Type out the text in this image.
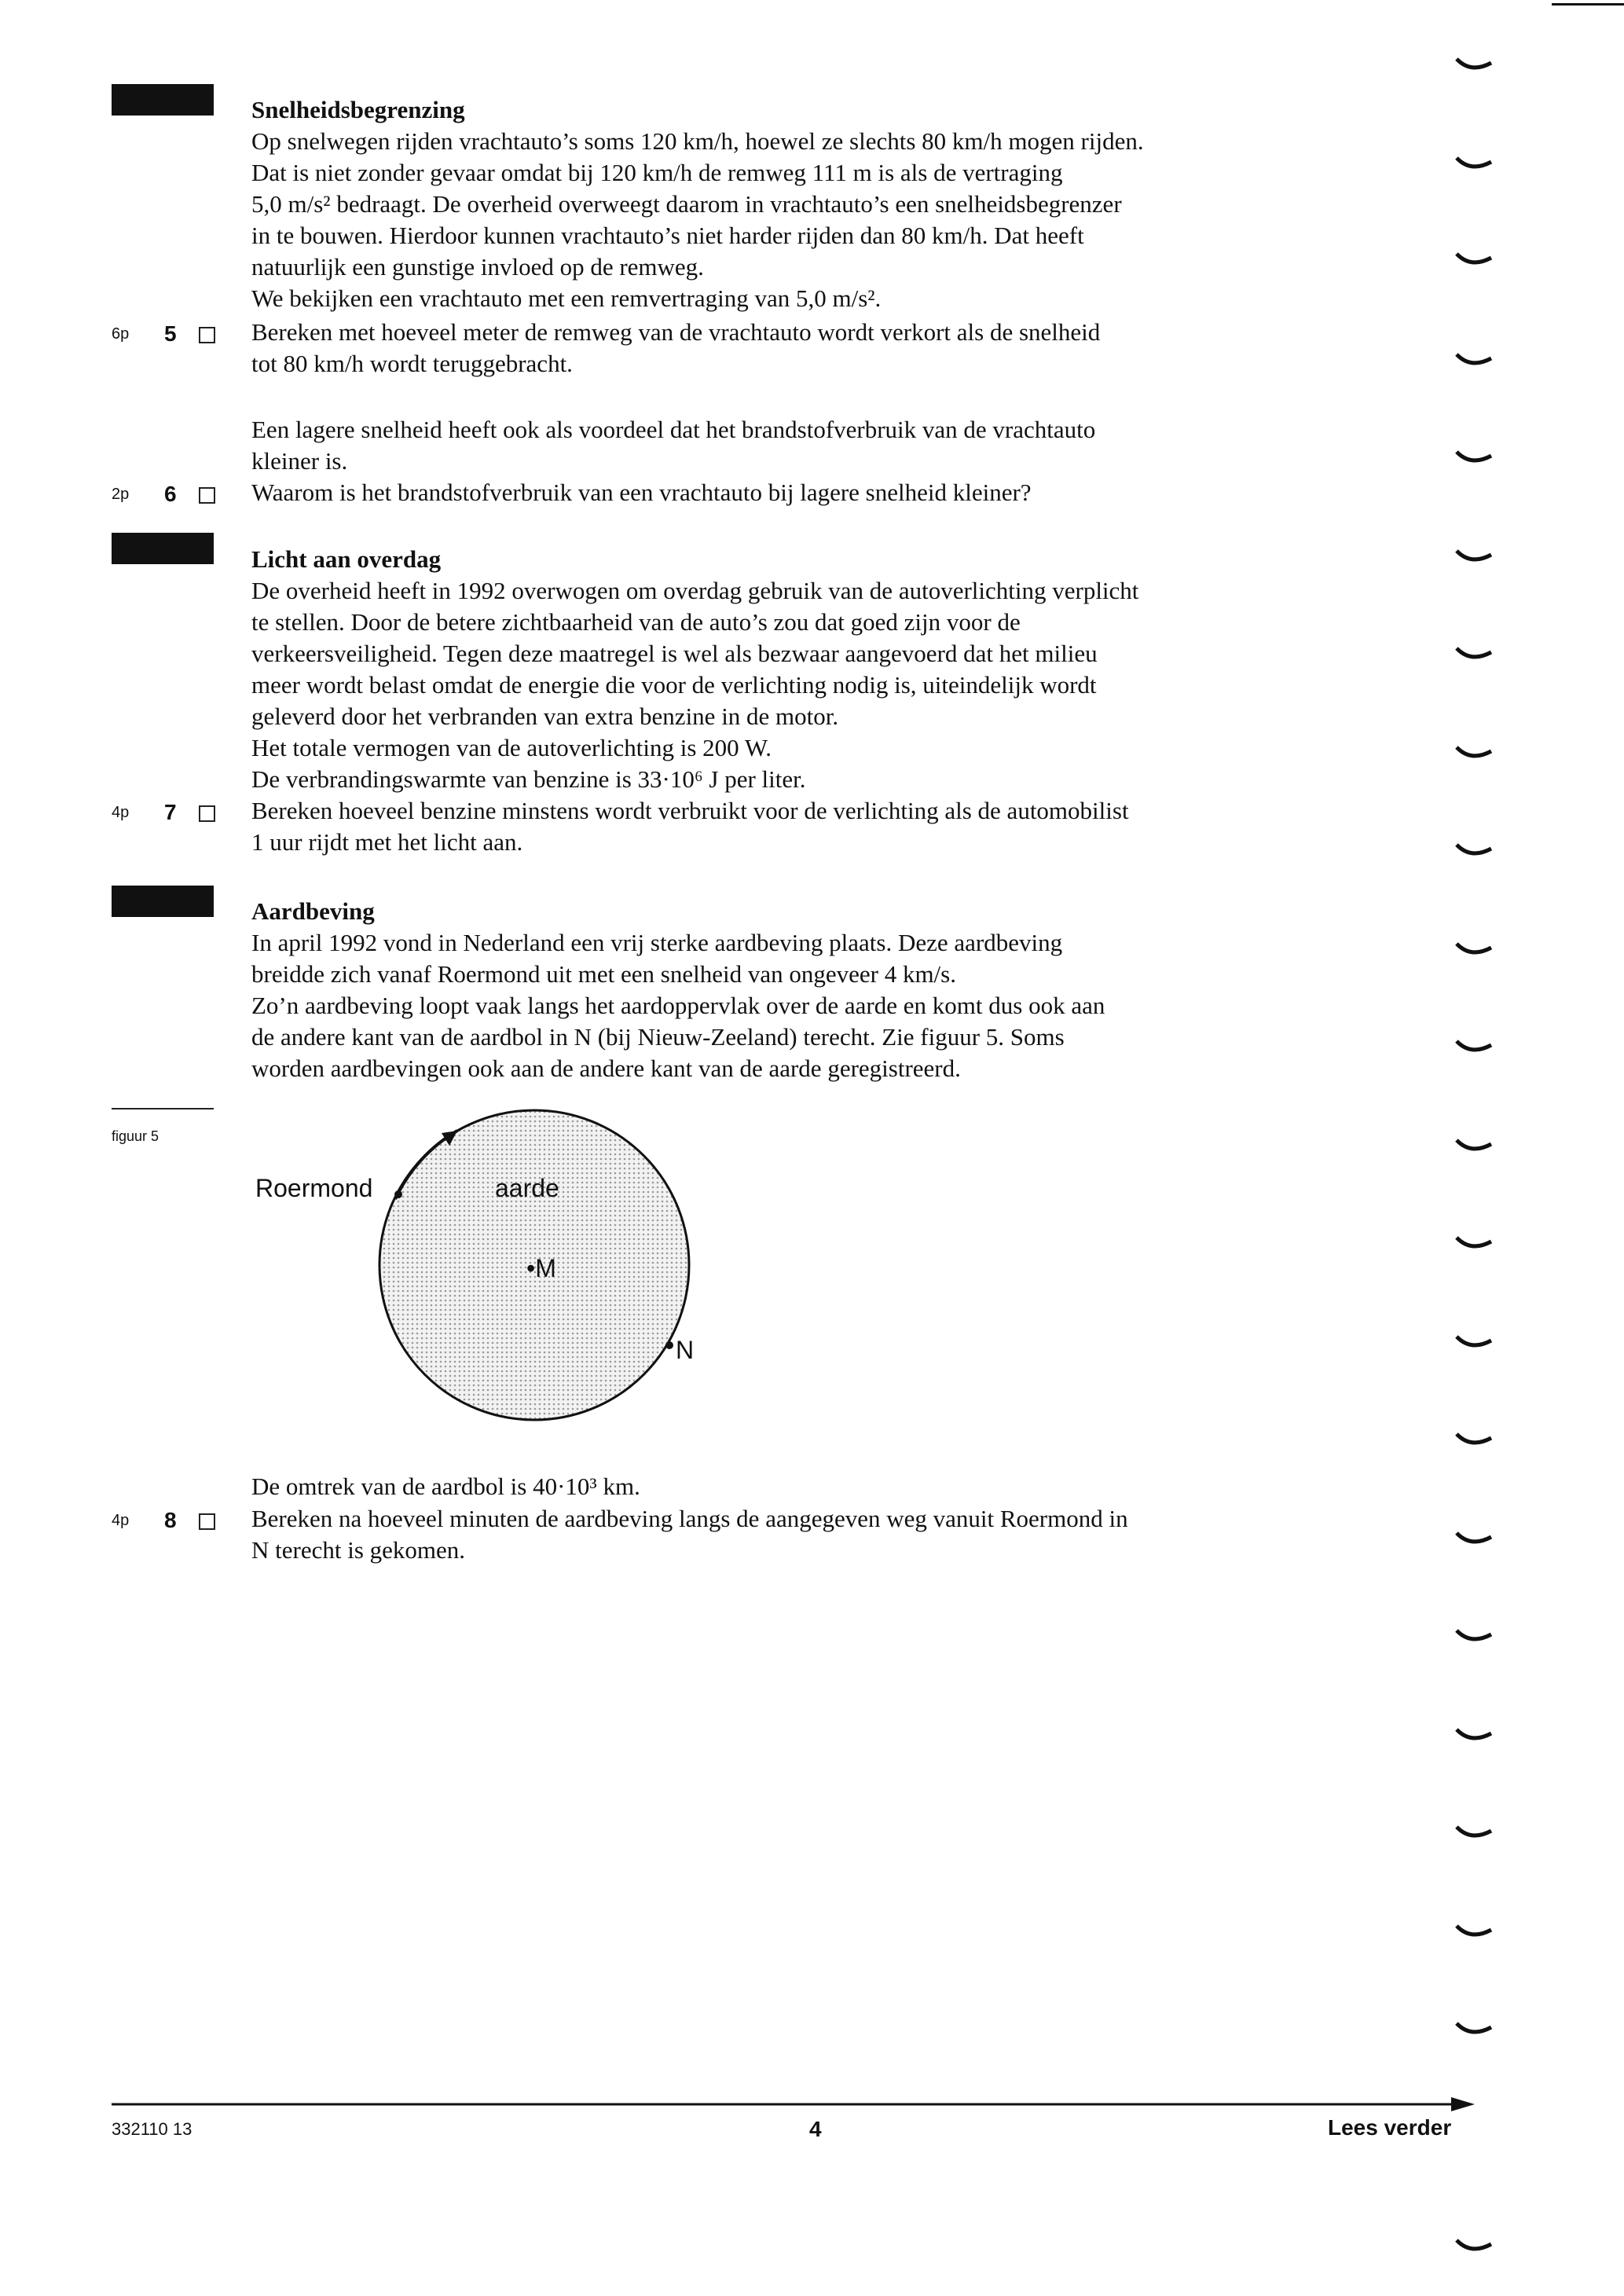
Snelheidsbegrenzing
Op snelwegen rijden vrachtauto’s soms 120 km/h, hoewel ze slechts 80 km/h mogen rijden.
Dat is niet zonder gevaar omdat bij 120 km/h de remweg 111 m is als de vertraging
5,0 m/s² bedraagt. De overheid overweegt daarom in vrachtauto’s een snelheidsbegrenzer
in te bouwen. Hierdoor kunnen vrachtauto’s niet harder rijden dan 80 km/h. Dat heeft
natuurlijk een gunstige invloed op de remweg.
We bekijken een vrachtauto met een remvertraging van 5,0 m/s².
6p 5	Bereken met hoeveel meter de remweg van de vrachtauto wordt verkort als de snelheid
tot 80 km/h wordt teruggebracht.
Een lagere snelheid heeft ook als voordeel dat het brandstofverbruik van de vrachtauto
kleiner is.
2p 6	Waarom is het brandstofverbruik van een vrachtauto bij lagere snelheid kleiner?
Licht aan overdag
De overheid heeft in 1992 overwogen om overdag gebruik van de autoverlichting verplicht
te stellen. Door de betere zichtbaarheid van de auto’s zou dat goed zijn voor de
verkeersveiligheid. Tegen deze maatregel is wel als bezwaar aangevoerd dat het milieu
meer wordt belast omdat de energie die voor de verlichting nodig is, uiteindelijk wordt
geleverd door het verbranden van extra benzine in de motor.
Het totale vermogen van de autoverlichting is 200 W.
De verbrandingswarmte van benzine is 33·10⁶ J per liter.
4p 7	Bereken hoeveel benzine minstens wordt verbruikt voor de verlichting als de automobilist
1 uur rijdt met het licht aan.
Aardbeving
In april 1992 vond in Nederland een vrij sterke aardbeving plaats. Deze aardbeving
breidde zich vanaf Roermond uit met een snelheid van ongeveer 4 km/s.
Zo’n aardbeving loopt vaak langs het aardoppervlak over de aarde en komt dus ook aan
de andere kant van de aardbol in N (bij Nieuw-Zeeland) terecht. Zie figuur 5. Soms
worden aardbevingen ook aan de andere kant van de aarde geregistreerd.
figuur 5
Roermond	aarde
•M
N
De omtrek van de aardbol is 40·10³ km.
4p 8	Bereken na hoeveel minuten de aardbeving langs de aangegeven weg vanuit Roermond in
N terecht is gekomen.
332110 13	4	Lees verder
